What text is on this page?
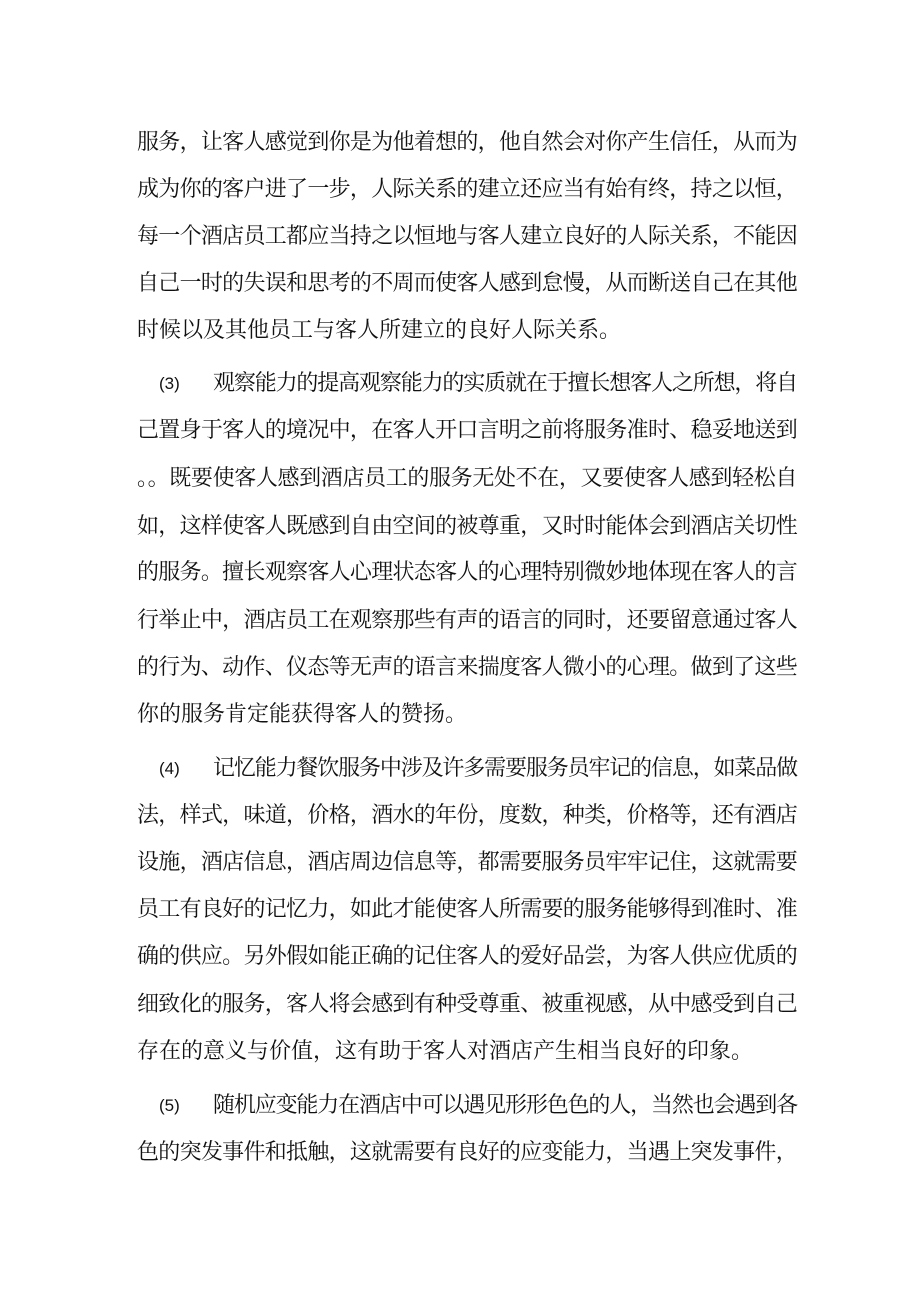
服务，让客人感觉到你是为他着想的，他自然会对你产生信任，从而为
成为你的客户进了一步，人际关系的建立还应当有始有终，持之以恒，
每一个酒店员工都应当持之以恒地与客人建立良好的人际关系，不能因
自己一时的失误和思考的不周而使客人感到怠慢，从而断送自己在其他
时候以及其他员工与客人所建立的良好人际关系。
(3) 观察能力的提高观察能力的实质就在于擅长想客人之所想，将自
己置身于客人的境况中，在客人开口言明之前将服务准时、稳妥地送到
。。既要使客人感到酒店员工的服务无处不在，又要使客人感到轻松自
如，这样使客人既感到自由空间的被尊重，又时时能体会到酒店关切性
的服务。擅长观察客人心理状态客人的心理特别微妙地体现在客人的言
行举止中，酒店员工在观察那些有声的语言的同时，还要留意通过客人
的行为、动作、仪态等无声的语言来揣度客人微小的心理。做到了这些
你的服务肯定能获得客人的赞扬。
(4) 记忆能力餐饮服务中涉及许多需要服务员牢记的信息，如菜品做
法，样式，味道，价格，酒水的年份，度数，种类，价格等，还有酒店
设施，酒店信息，酒店周边信息等，都需要服务员牢牢记住，这就需要
员工有良好的记忆力，如此才能使客人所需要的服务能够得到准时、准
确的供应。另外假如能正确的记住客人的爱好品尝，为客人供应优质的
细致化的服务，客人将会感到有种受尊重、被重视感，从中感受到自己
存在的意义与价值，这有助于客人对酒店产生相当良好的印象。
(5) 随机应变能力在酒店中可以遇见形形色色的人，当然也会遇到各
色的突发事件和抵触，这就需要有良好的应变能力，当遇上突发事件，
